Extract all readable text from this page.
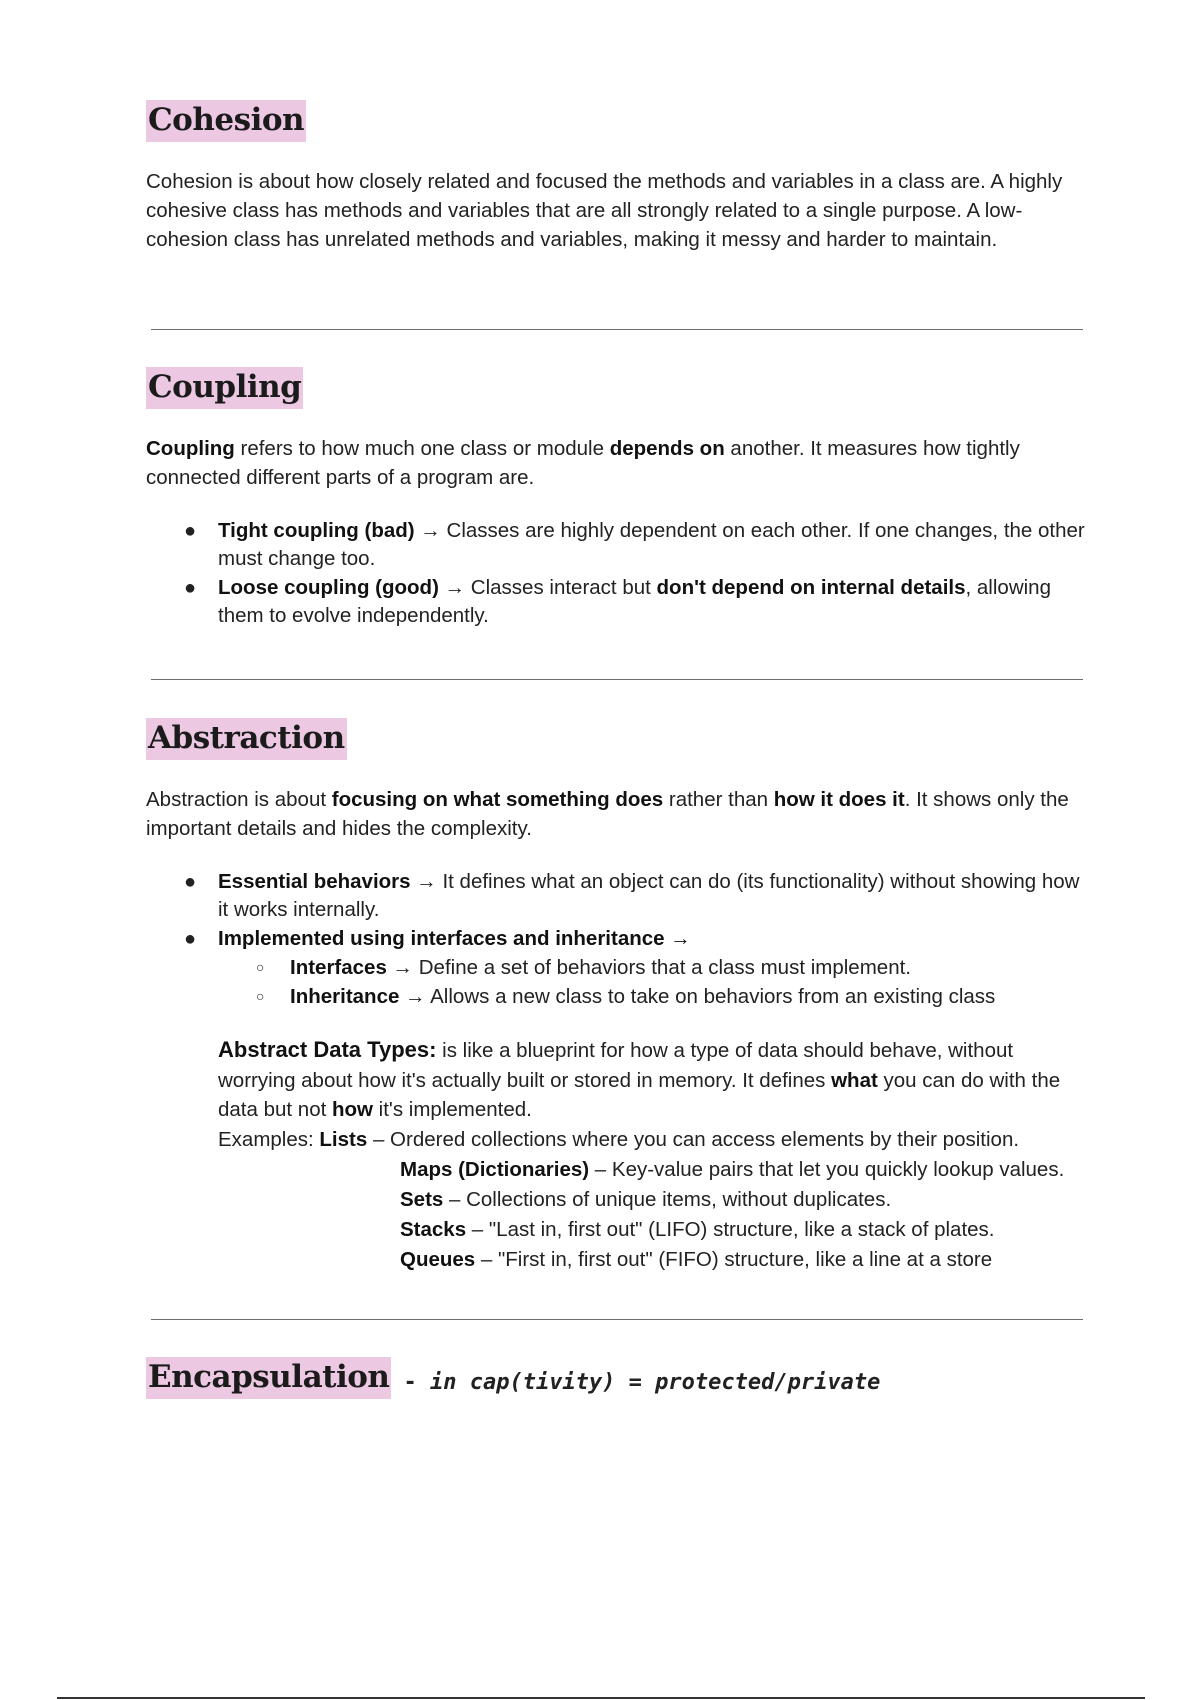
Cohesion

Cohesion is about how closely related and focused the methods and variables in a class are. A highly cohesive class has methods and variables that are all strongly related to a single purpose. A low-cohesion class has unrelated methods and variables, making it messy and harder to maintain.

Coupling

Coupling refers to how much one class or module depends on another. It measures how tightly connected different parts of a program are.

● Tight coupling (bad) → Classes are highly dependent on each other. If one changes, the other must change too.
● Loose coupling (good) → Classes interact but don't depend on internal details, allowing them to evolve independently.
Abstraction

Abstraction is about focusing on what something does rather than how it does it. It shows only the important details and hides the complexity.

● Essential behaviors → It defines what an object can do (its functionality) without showing how it works internally.
● Implemented using interfaces and inheritance →
○ Interfaces → Define a set of behaviors that a class must implement.
○ Inheritance → Allows a new class to take on behaviors from an existing class
Abstract Data Types: is like a blueprint for how a type of data should behave, without worrying about how it's actually built or stored in memory. It defines what you can do with the data but not how it's implemented.
Examples: Lists – Ordered collections where you can access elements by their position.
Maps (Dictionaries) – Key-value pairs that let you quickly lookup values.
Sets – Collections of unique items, without duplicates.
Stacks – "Last in, first out" (LIFO) structure, like a stack of plates.
Queues – "First in, first out" (FIFO) structure, like a line at a store
Encapsulation - in cap(tivity) = protected/private
